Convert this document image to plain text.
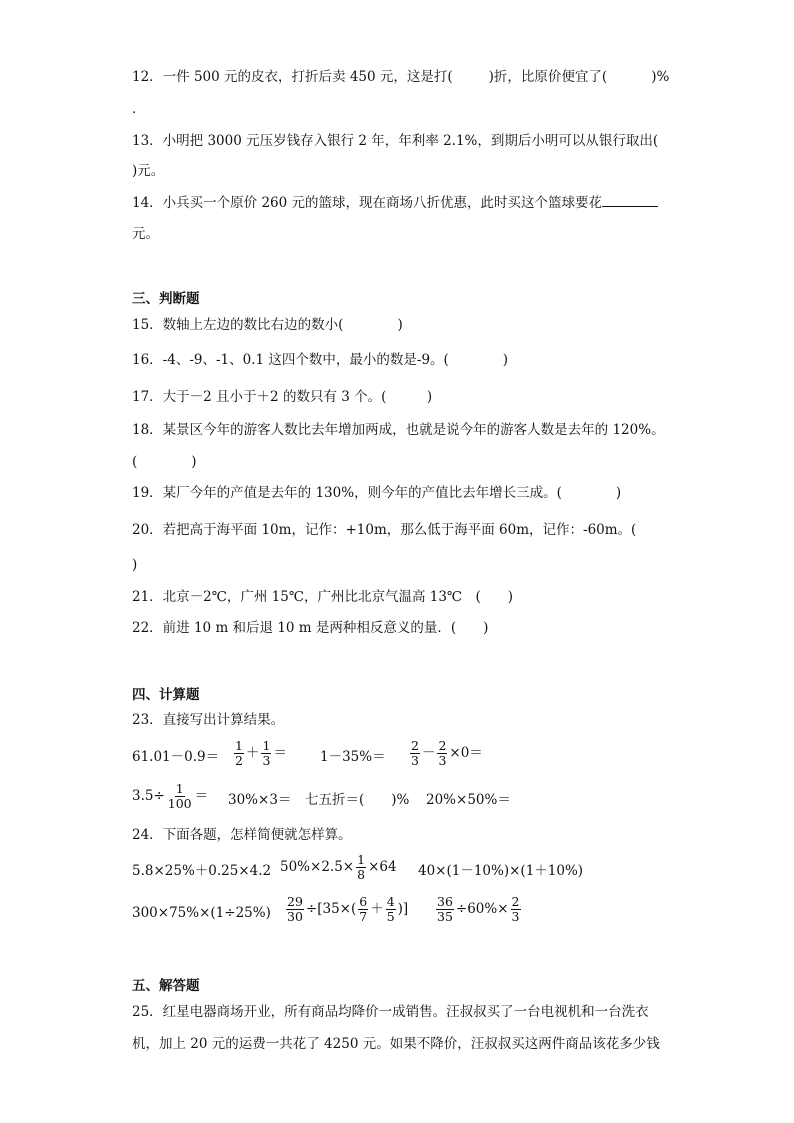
12．一件 500 元的皮衣，打折后卖 450 元，这是打(	)折，比原价便宜了(	)%
．
13．小明把 3000 元压岁钱存入银行 2 年，年利率 2.1%，到期后小明可以从银行取出(
)元。
14．小兵买一个原价 260 元的篮球，现在商场八折优惠，此时买这个篮球要花
元。
三、判断题
15．数轴上左边的数比右边的数小(　　　　)
16．-4、-9、-1、0.1 这四个数中，最小的数是-9。(　　　　)
17．大于－2 且小于＋2 的数只有 3 个。(　　　)
18．某景区今年的游客人数比去年增加两成，也就是说今年的游客人数是去年的 120%。
(　　　　)
19．某厂今年的产值是去年的 130%，则今年的产值比去年增长三成。(　　　　)
20．若把高于海平面 10m，记作：+10m，那么低于海平面 60m，记作：-60m。(
)
21．北京－2℃，广州 15℃，广州比北京气温高 13℃　(　　)
22．前进 10 m 和后退 10 m 是两种相反意义的量．(　　)
四、计算题
23．直接写出计算结果。
$61.01-0.9= \frac{1}{2} + \frac{1}{3} = 1-35\%= \frac{2}{3} - \frac{2}{3} \times 0=$
$3.5\div \frac{1}{100} = 30\%\times 3=$ 七五折＝(　　)% 20%×50%＝
24．下面各题，怎样简便就怎样算。
5.8×25%＋0.25×4.2 $50\%\times 2.5\times \frac{1}{8} \times 64$ 40×(1－10%)×(1＋10%)
$300\times 75\%\times(1\div 25\%) \frac{29}{30} \div[35\times( \frac{6}{7} + \frac{4}{5}$ )] $\frac{36}{35} \div 60\%\times \frac{2}{3}$
五、解答题
25．红星电器商场开业，所有商品均降价一成销售。汪叔叔买了一台电视机和一台洗衣
机，加上 20 元的运费一共花了 4250 元。如果不降价，汪叔叔买这两件商品该花多少钱
